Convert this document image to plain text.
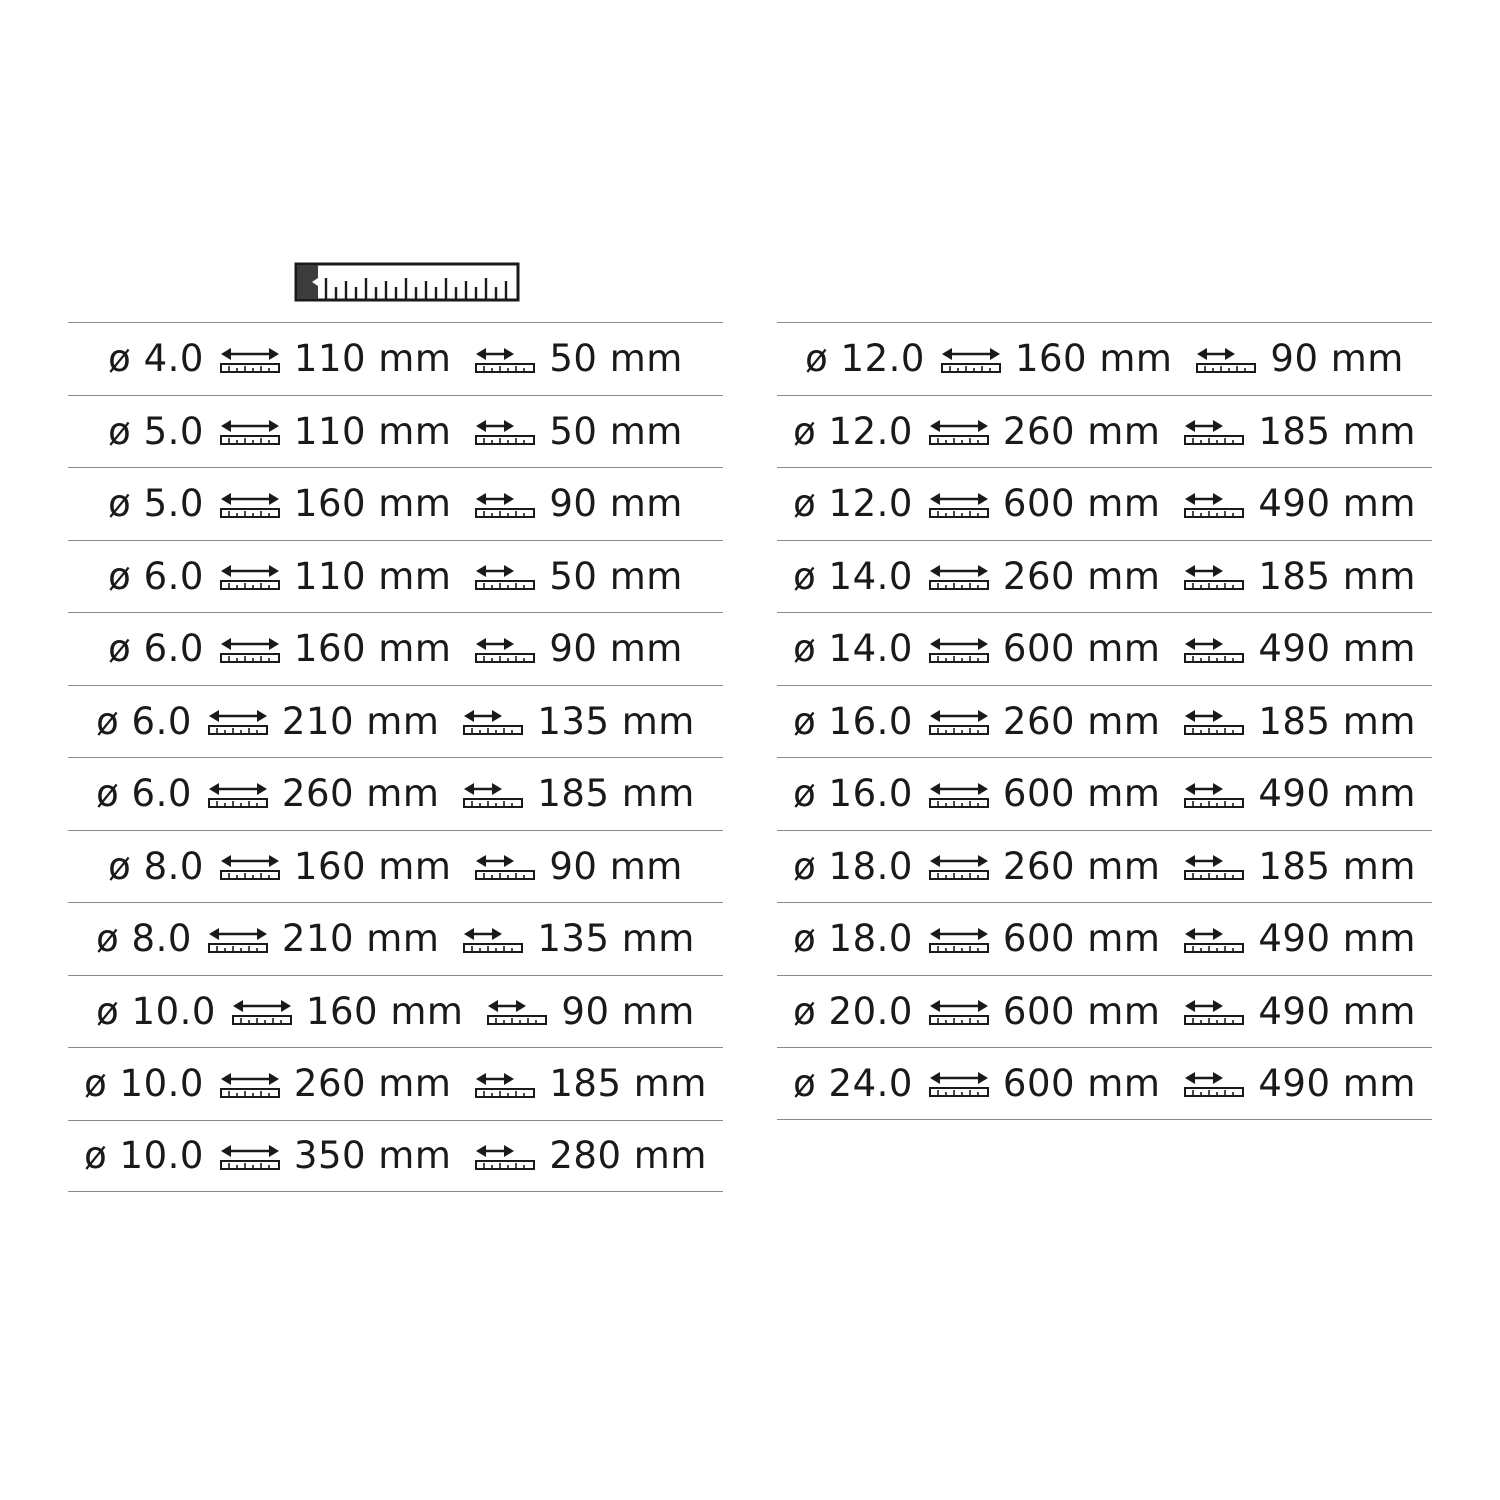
ø 4.0 110 mm	50 mm
ø 5.0 110 mm	50 mm
ø 5.0 160 mm	90 mm
ø 6.0 110 mm	50 mm
ø 6.0 160 mm	90 mm
ø 6.0 210 mm	135 mm
ø 6.0 260 mm	185 mm
ø 8.0 160 mm	90 mm
ø 8.0 210 mm	135 mm
ø 10.0 160 mm	90 mm
ø 10.0 260 mm	185 mm
ø 10.0 350 mm	280 mm
ø 12.0 160 mm	90 mm
ø 12.0 260 mm	185 mm
ø 12.0 600 mm	490 mm
ø 14.0 260 mm	185 mm
ø 14.0 600 mm	490 mm
ø 16.0 260 mm	185 mm
ø 16.0 600 mm	490 mm
ø 18.0 260 mm	185 mm
ø 18.0 600 mm	490 mm
ø 20.0 600 mm	490 mm
ø 24.0 600 mm	490 mm
